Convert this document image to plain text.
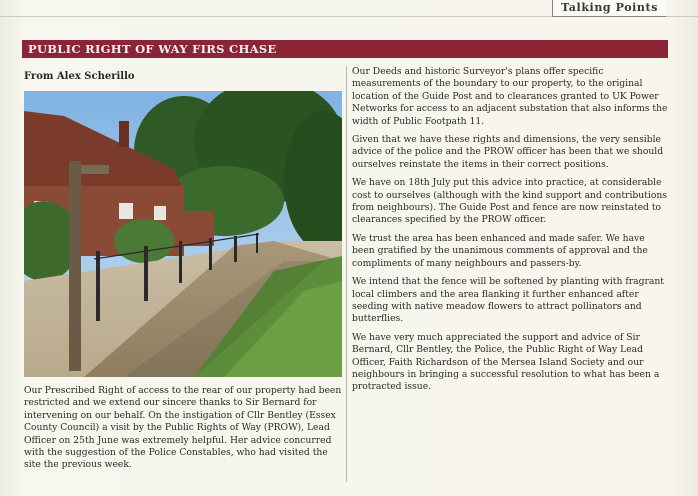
Talking Points
PUBLIC RIGHT OF WAY FIRS CHASE
From Alex Scherillo

Our Prescribed Right of access to the rear of our property had been restricted and we extend our sincere thanks to Sir Bernard for intervening on our behalf. On the instigation of Cllr Bentley (Essex County Council) a visit by the Public Rights of Way (PROW), Lead Officer on 25th June was extremely helpful. Her advice concurred with the suggestion of the Police Constables, who had visited the site the previous week.

Our Deeds and historic Surveyor's plans offer specific measurements of the boundary to our property, to the original location of the Guide Post and to clearances granted to UK Power Networks for access to an adjacent substation that also informs the width of Public Footpath 11.

Given that we have these rights and dimensions, the very sensible advice of the police and the PROW officer has been that we should ourselves reinstate the items in their correct positions.

We have on 18th July put this advice into practice, at considerable cost to ourselves (although with the kind support and contributions from neighbours). The Guide Post and fence are now reinstated to clearances specified by the PROW officer.

We trust the area has been enhanced and made safer. We have been gratified by the unanimous comments of approval and the compliments of many neighbours and passers-by.

We intend that the fence will be softened by planting with fragrant local climbers and the area flanking it further enhanced after seeding with native meadow flowers to attract pollinators and butterflies.

We have very much appreciated the support and advice of Sir Bernard, Cllr Bentley, the Police, the Public Right of Way Lead Officer, Faith Richardson of the Mersea Island Society and our neighbours in bringing a successful resolution to what has been a protracted issue.
